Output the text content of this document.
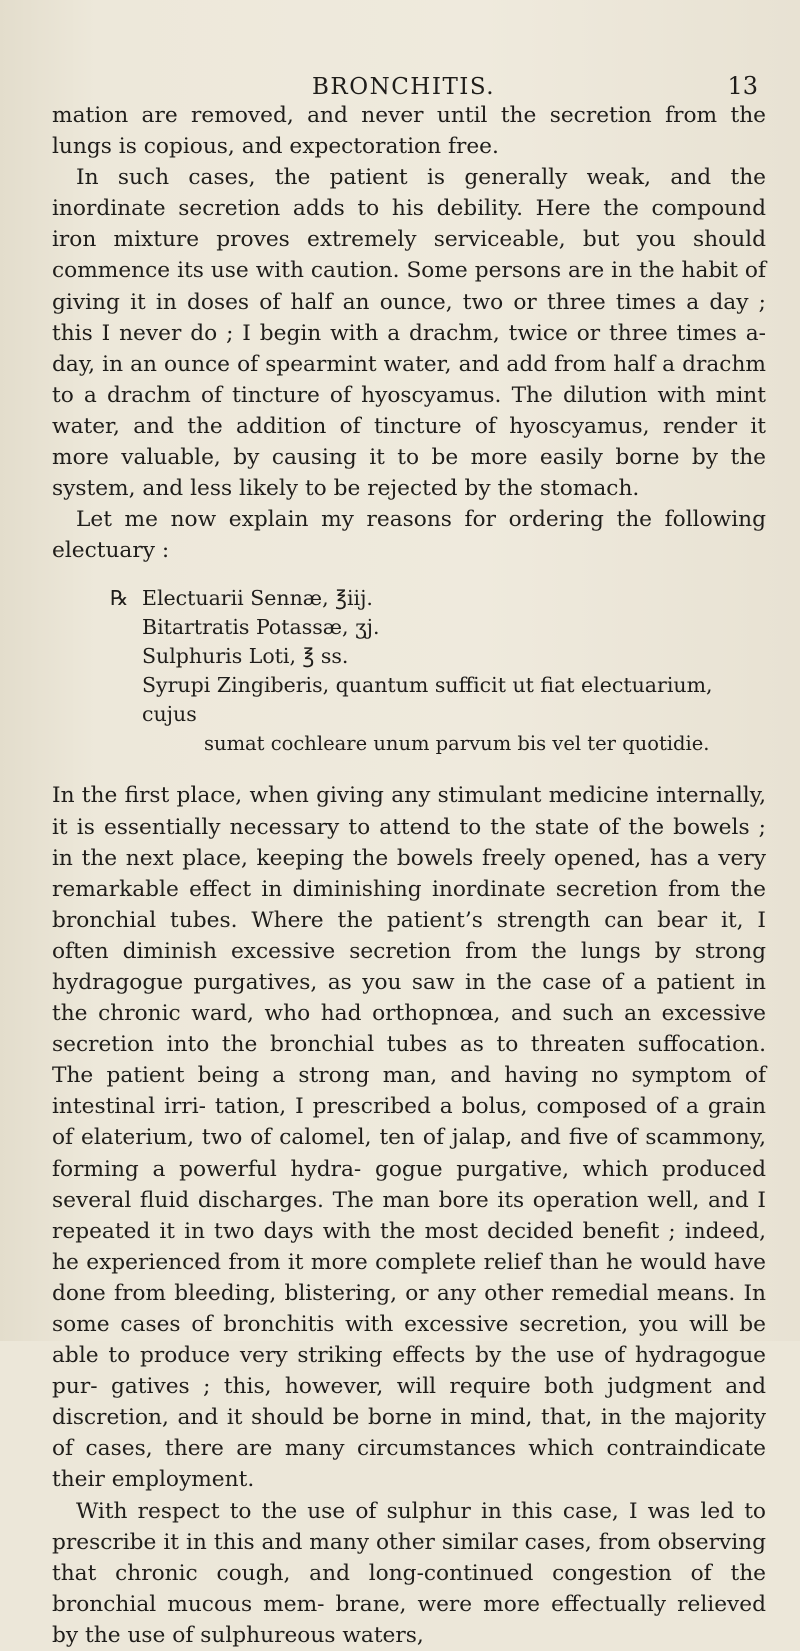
BRONCHITIS.	13

mation are removed, and never until the secretion from the lungs is copious, and expectoration free.

In such cases, the patient is generally weak, and the inordinate secretion adds to his debility. Here the compound iron mixture proves extremely serviceable, but you should commence its use with caution. Some persons are in the habit of giving it in doses of half an ounce, two or three times a day ; this I never do ; I begin with a drachm, twice or three times a-day, in an ounce of spearmint water, and add from half a drachm to a drachm of tincture of hyoscyamus. The dilution with mint water, and the addition of tincture of hyoscyamus, render it more valuable, by causing it to be more easily borne by the system, and less likely to be rejected by the stomach.

Let me now explain my reasons for ordering the following electuary :

℞ Electuarii Sennæ, ℥iij.
Bitartratis Potassæ, ʒj.
Sulphuris Loti, ℥ ss.
Syrupi Zingiberis, quantum sufficit ut fiat electuarium, cujus
sumat cochleare unum parvum bis vel ter quotidie.

In the first place, when giving any stimulant medicine internally, it is essentially necessary to attend to the state of the bowels ; in the next place, keeping the bowels freely opened, has a very remarkable effect in diminishing inordinate secretion from the bronchial tubes. Where the patient’s strength can bear it, I often diminish excessive secretion from the lungs by strong hydragogue purgatives, as you saw in the case of a patient in the chronic ward, who had orthopnœa, and such an excessive secretion into the bronchial tubes as to threaten suffocation. The patient being a strong man, and having no symptom of intestinal irri- tation, I prescribed a bolus, composed of a grain of elaterium, two of calomel, ten of jalap, and five of scammony, forming a powerful hydra- gogue purgative, which produced several fluid discharges. The man bore its operation well, and I repeated it in two days with the most decided benefit ; indeed, he experienced from it more complete relief than he would have done from bleeding, blistering, or any other remedial means. In some cases of bronchitis with excessive secretion, you will be able to produce very striking effects by the use of hydragogue pur- gatives ; this, however, will require both judgment and discretion, and it should be borne in mind, that, in the majority of cases, there are many circumstances which contraindicate their employment.

With respect to the use of sulphur in this case, I was led to prescribe it in this and many other similar cases, from observing that chronic cough, and long-continued congestion of the bronchial mucous mem- brane, were more effectually relieved by the use of sulphureous waters,
